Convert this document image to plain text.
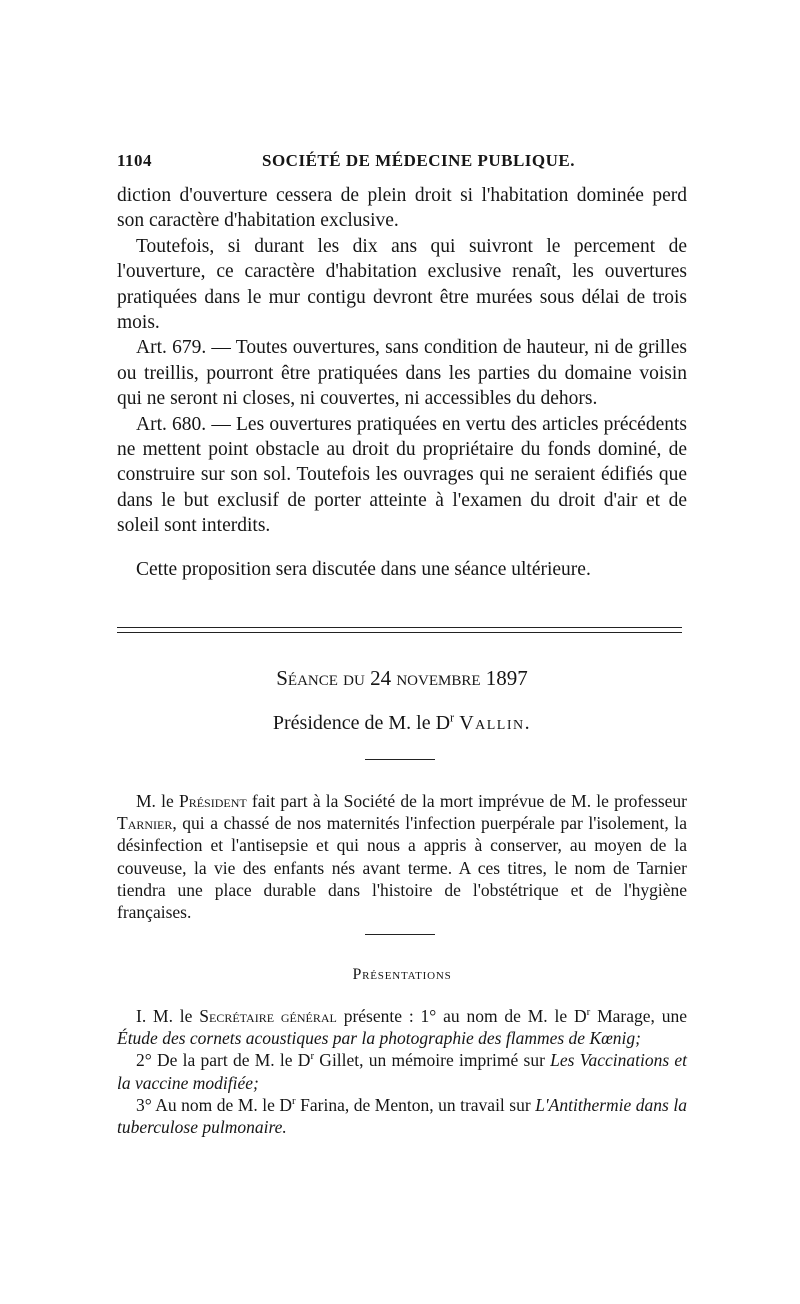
1104	SOCIÉTÉ DE MÉDECINE PUBLIQUE.

diction d'ouverture cessera de plein droit si l'habitation dominée perd son caractère d'habitation exclusive.

Toutefois, si durant les dix ans qui suivront le percement de l'ouverture, ce caractère d'habitation exclusive renaît, les ouvertures pratiquées dans le mur contigu devront être murées sous délai de trois mois.

Art. 679. — Toutes ouvertures, sans condition de hauteur, ni de grilles ou treillis, pourront être pratiquées dans les parties du domaine voisin qui ne seront ni closes, ni couvertes, ni accessibles du dehors.

Art. 680. — Les ouvertures pratiquées en vertu des articles précédents ne mettent point obstacle au droit du propriétaire du fonds dominé, de construire sur son sol. Toutefois les ouvrages qui ne seraient édifiés que dans le but exclusif de porter atteinte à l'examen du droit d'air et de soleil sont interdits.

Cette proposition sera discutée dans une séance ultérieure.

Séance du 24 novembre 1897
Présidence de M. le $D^r$ Vallin.

M. le Président fait part à la Société de la mort imprévue de M. le professeur Tarnier, qui a chassé de nos maternités l'infection puerpérale par l'isolement, la désinfection et l'antisepsie et qui nous a appris à conserver, au moyen de la couveuse, la vie des enfants nés avant terme. A ces titres, le nom de Tarnier tiendra une place durable dans l'histoire de l'obstétrique et de l'hygiène françaises.

Présentations

I. M. le Secrétaire général présente : 1° au nom de M. le $D^r$ Marage, une Étude des cornets acoustiques par la photographie des flammes de Kœnig;

2° De la part de M. le $D^r$ Gillet, un mémoire imprimé sur Les Vaccinations et la vaccine modifiée;

3° Au nom de M. le $D^r$ Farina, de Menton, un travail sur L'Antithermie dans la tuberculose pulmonaire.
